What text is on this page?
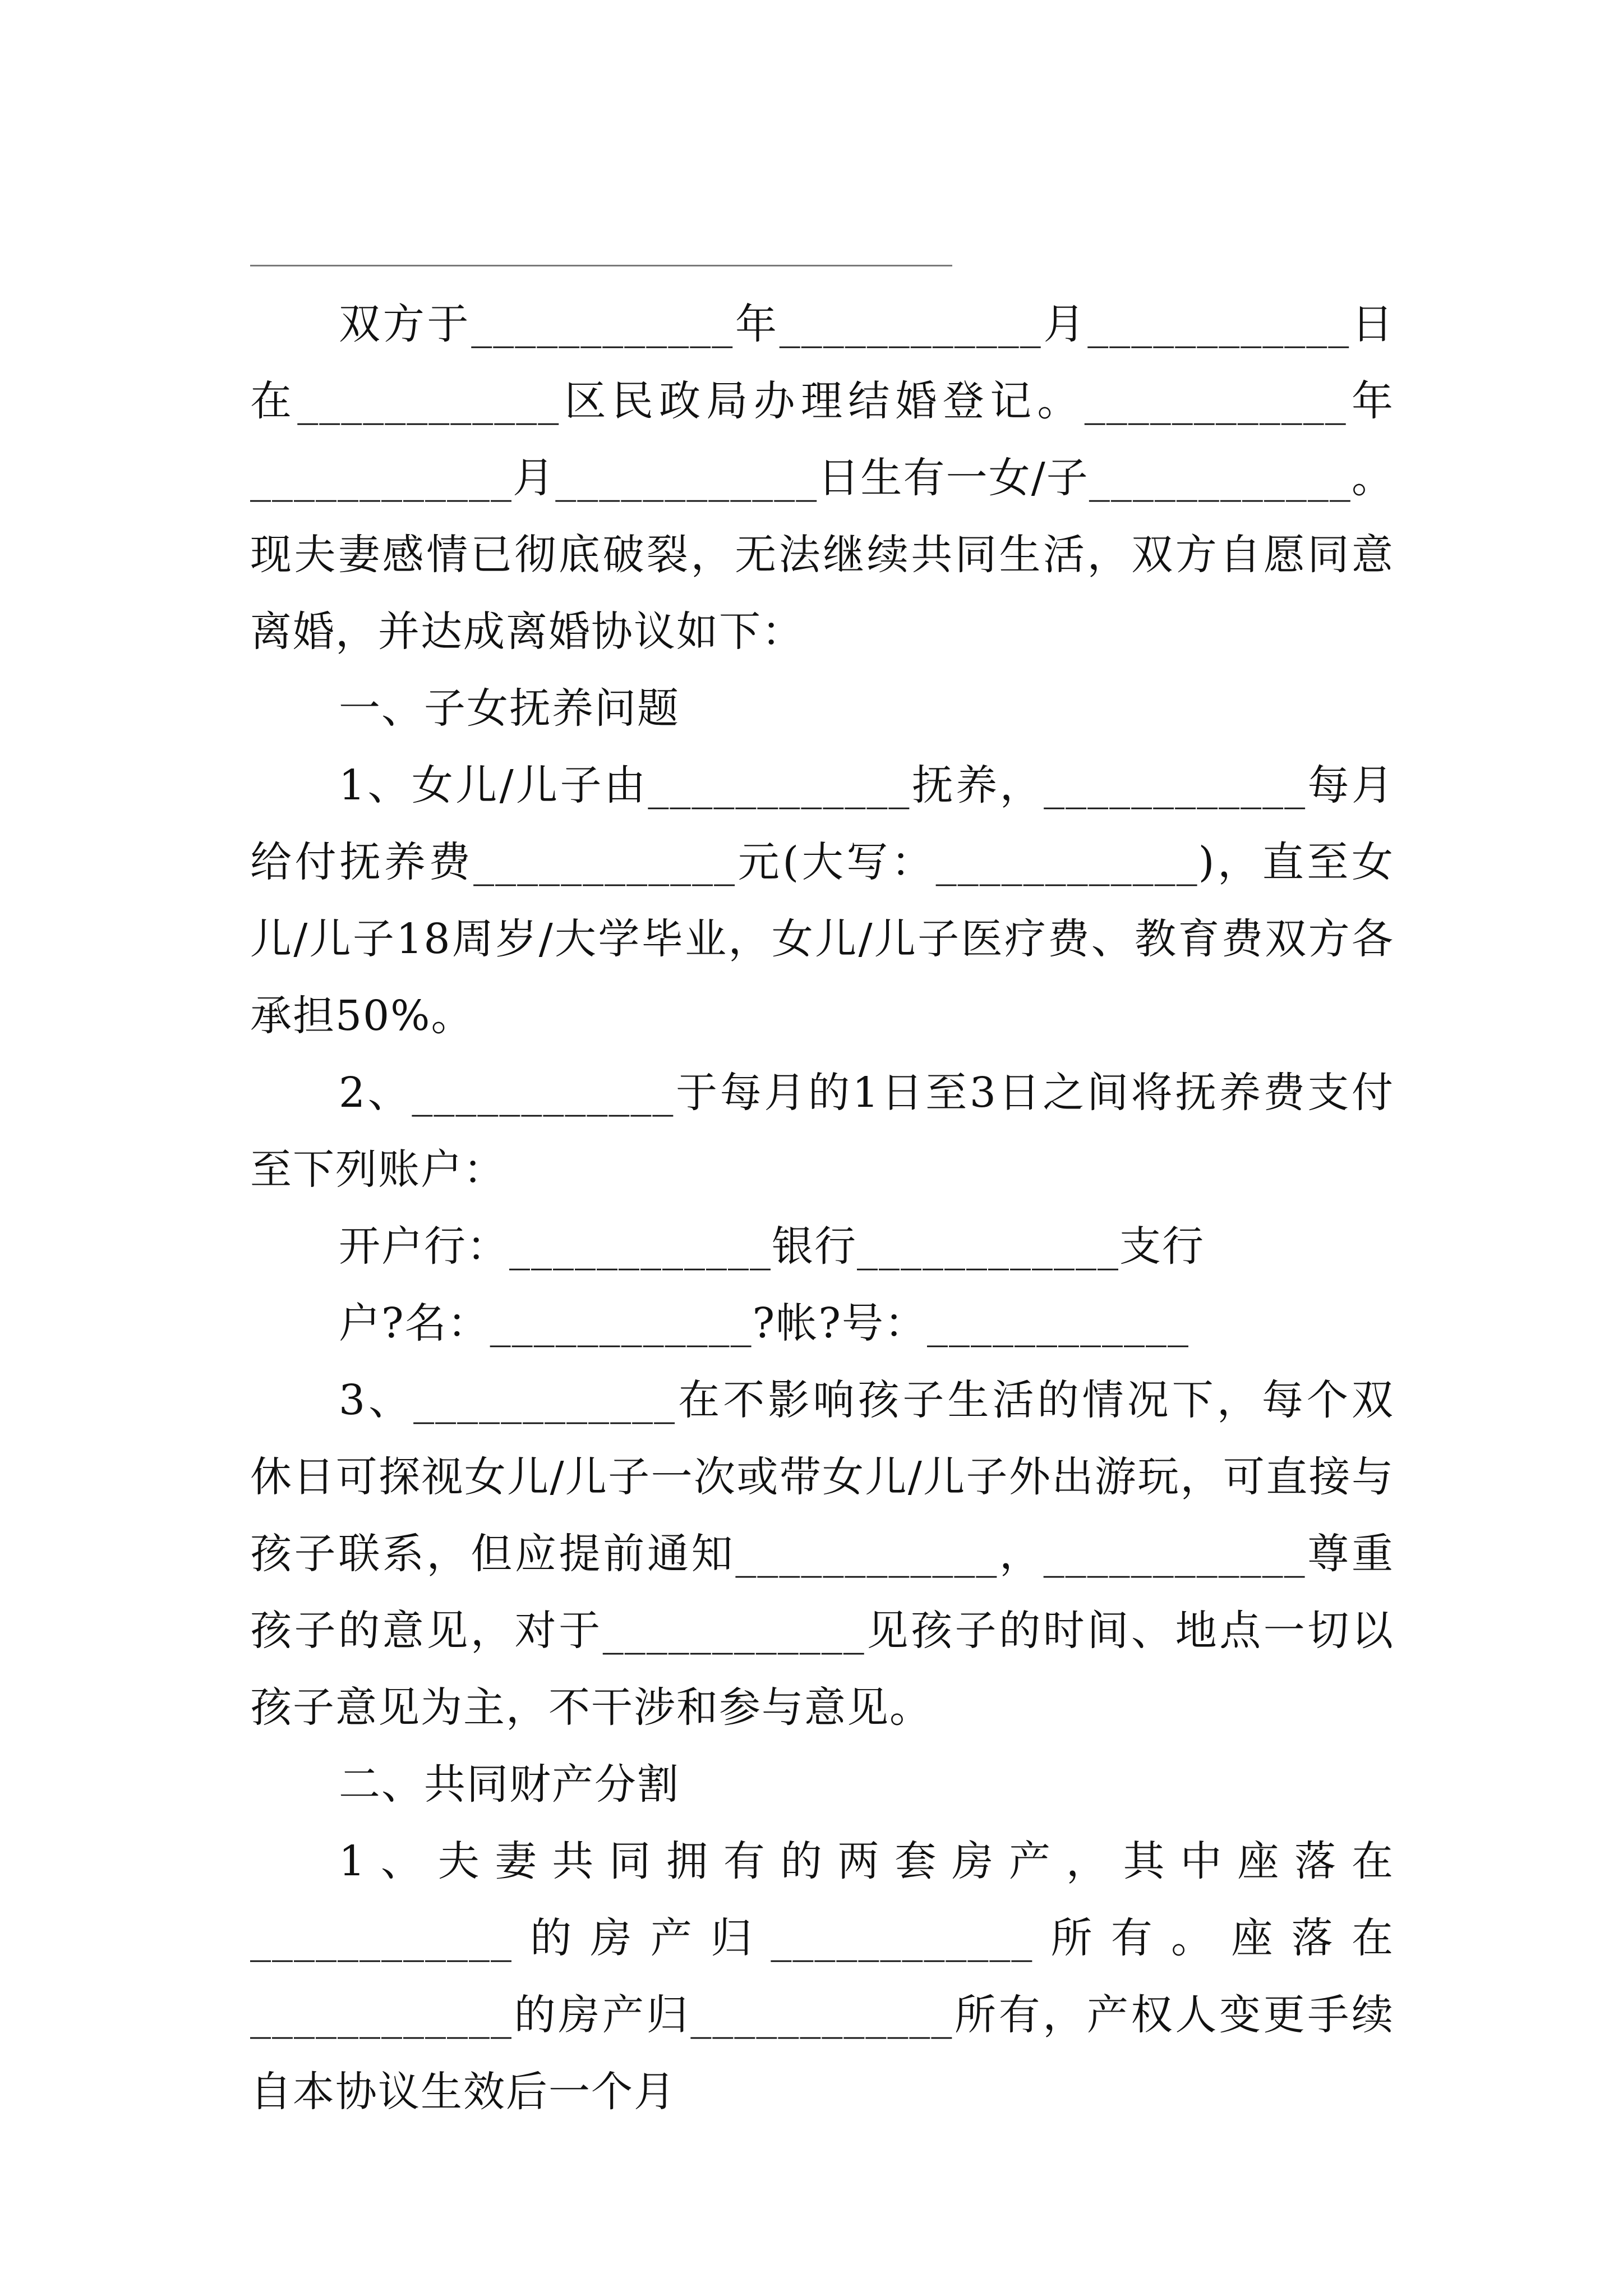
双方于____________年____________月____________日在____________区民政局办理结婚登记。____________年____________月____________日生有一女/子____________。现夫妻感情已彻底破裂，无法继续共同生活，双方自愿同意离婚，并达成离婚协议如下：

一、子女抚养问题

1、女儿/儿子由____________抚养，____________每月给付抚养费____________元(大写：____________)，直至女儿/儿子18周岁/大学毕业，女儿/儿子医疗费、教育费双方各承担50%。

2、____________于每月的1日至3日之间将抚养费支付至下列账户：

开户行：____________银行____________支行

户?名：____________?帐?号：____________

3、____________在不影响孩子生活的情况下，每个双休日可探视女儿/儿子一次或带女儿/儿子外出游玩，可直接与孩子联系，但应提前通知____________，____________尊重孩子的意见，对于____________见孩子的时间、地点一切以孩子意见为主，不干涉和参与意见。

二、共同财产分割

1、夫妻共同拥有的两套房产，其中座落在____________的房产归____________所有。座落在____________的房产归____________所有，产权人变更手续自本协议生效后一个月
